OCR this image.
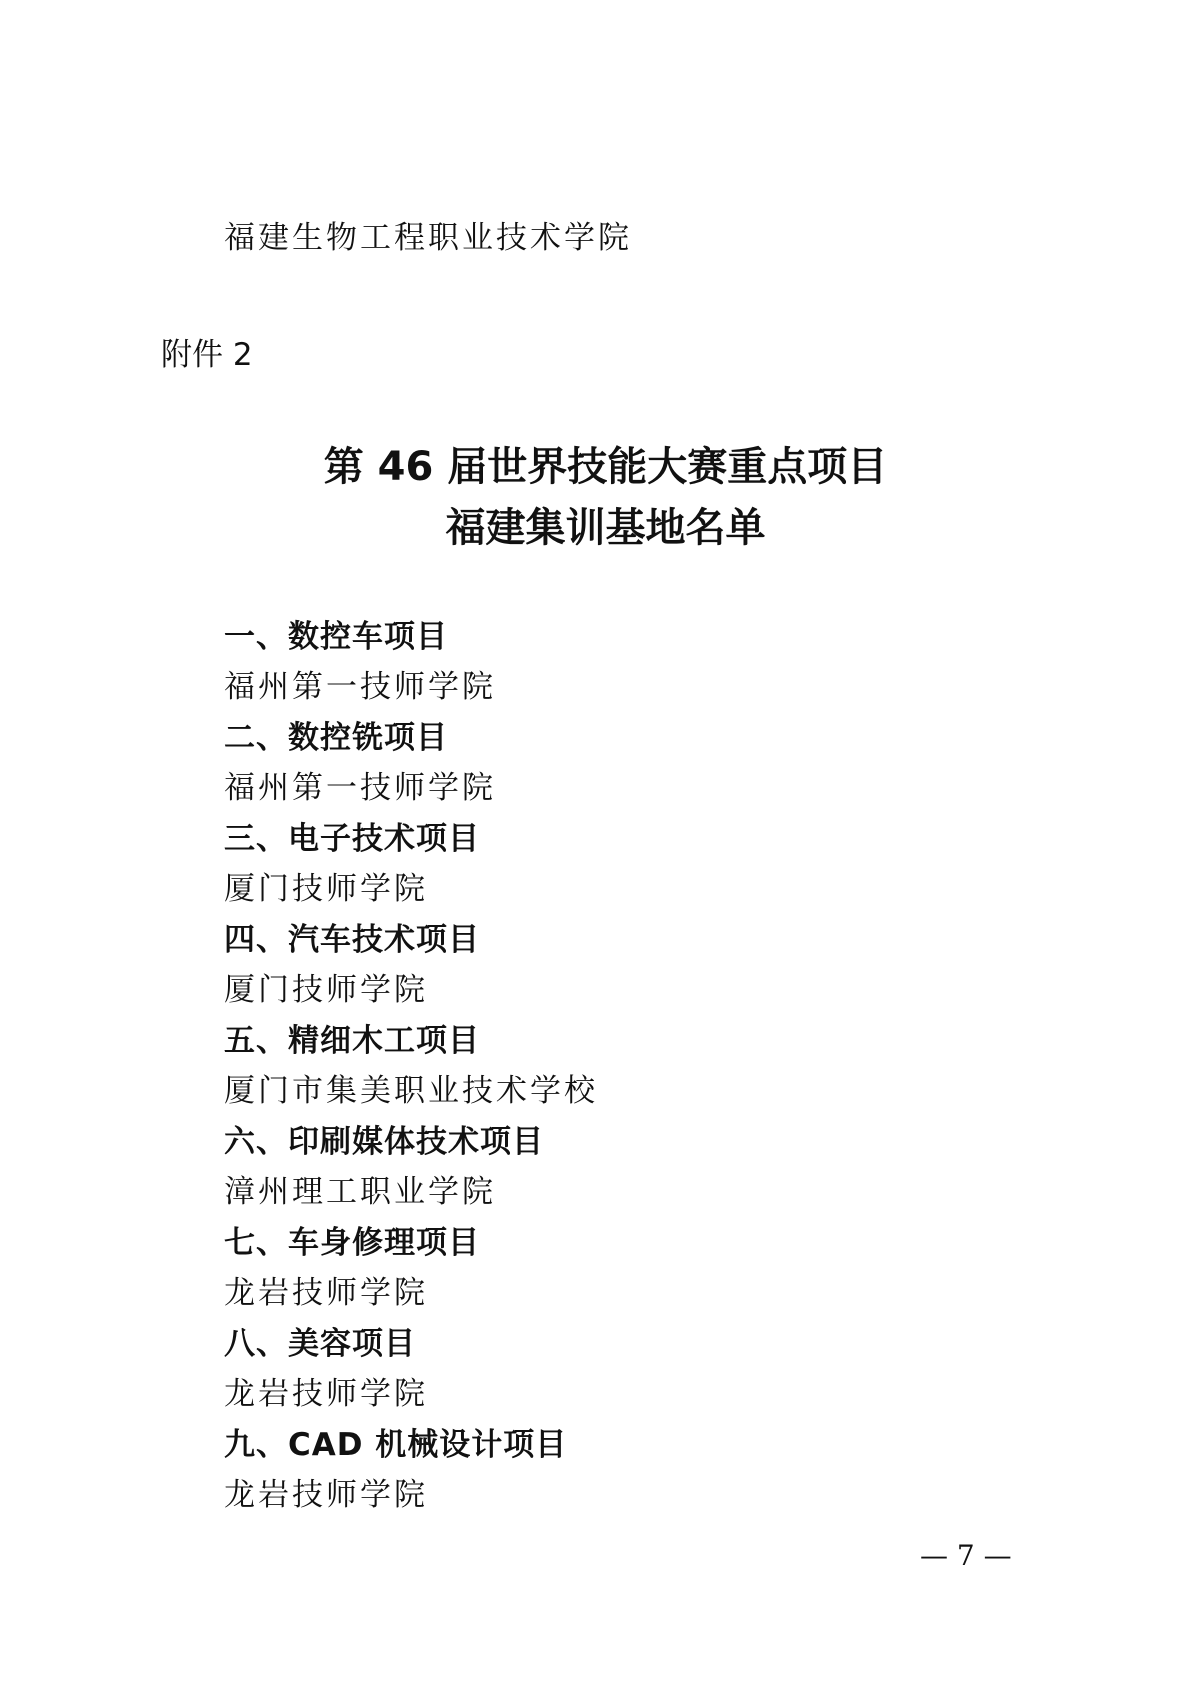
福建生物工程职业技术学院
附件 2
第 46 届世界技能大赛重点项目
福建集训基地名单
一、数控车项目
福州第一技师学院
二、数控铣项目
福州第一技师学院
三、电子技术项目
厦门技师学院
四、汽车技术项目
厦门技师学院
五、精细木工项目
厦门市集美职业技术学校
六、印刷媒体技术项目
漳州理工职业学院
七、车身修理项目
龙岩技师学院
八、美容项目
龙岩技师学院
九、CAD 机械设计项目
龙岩技师学院
— 7 —
